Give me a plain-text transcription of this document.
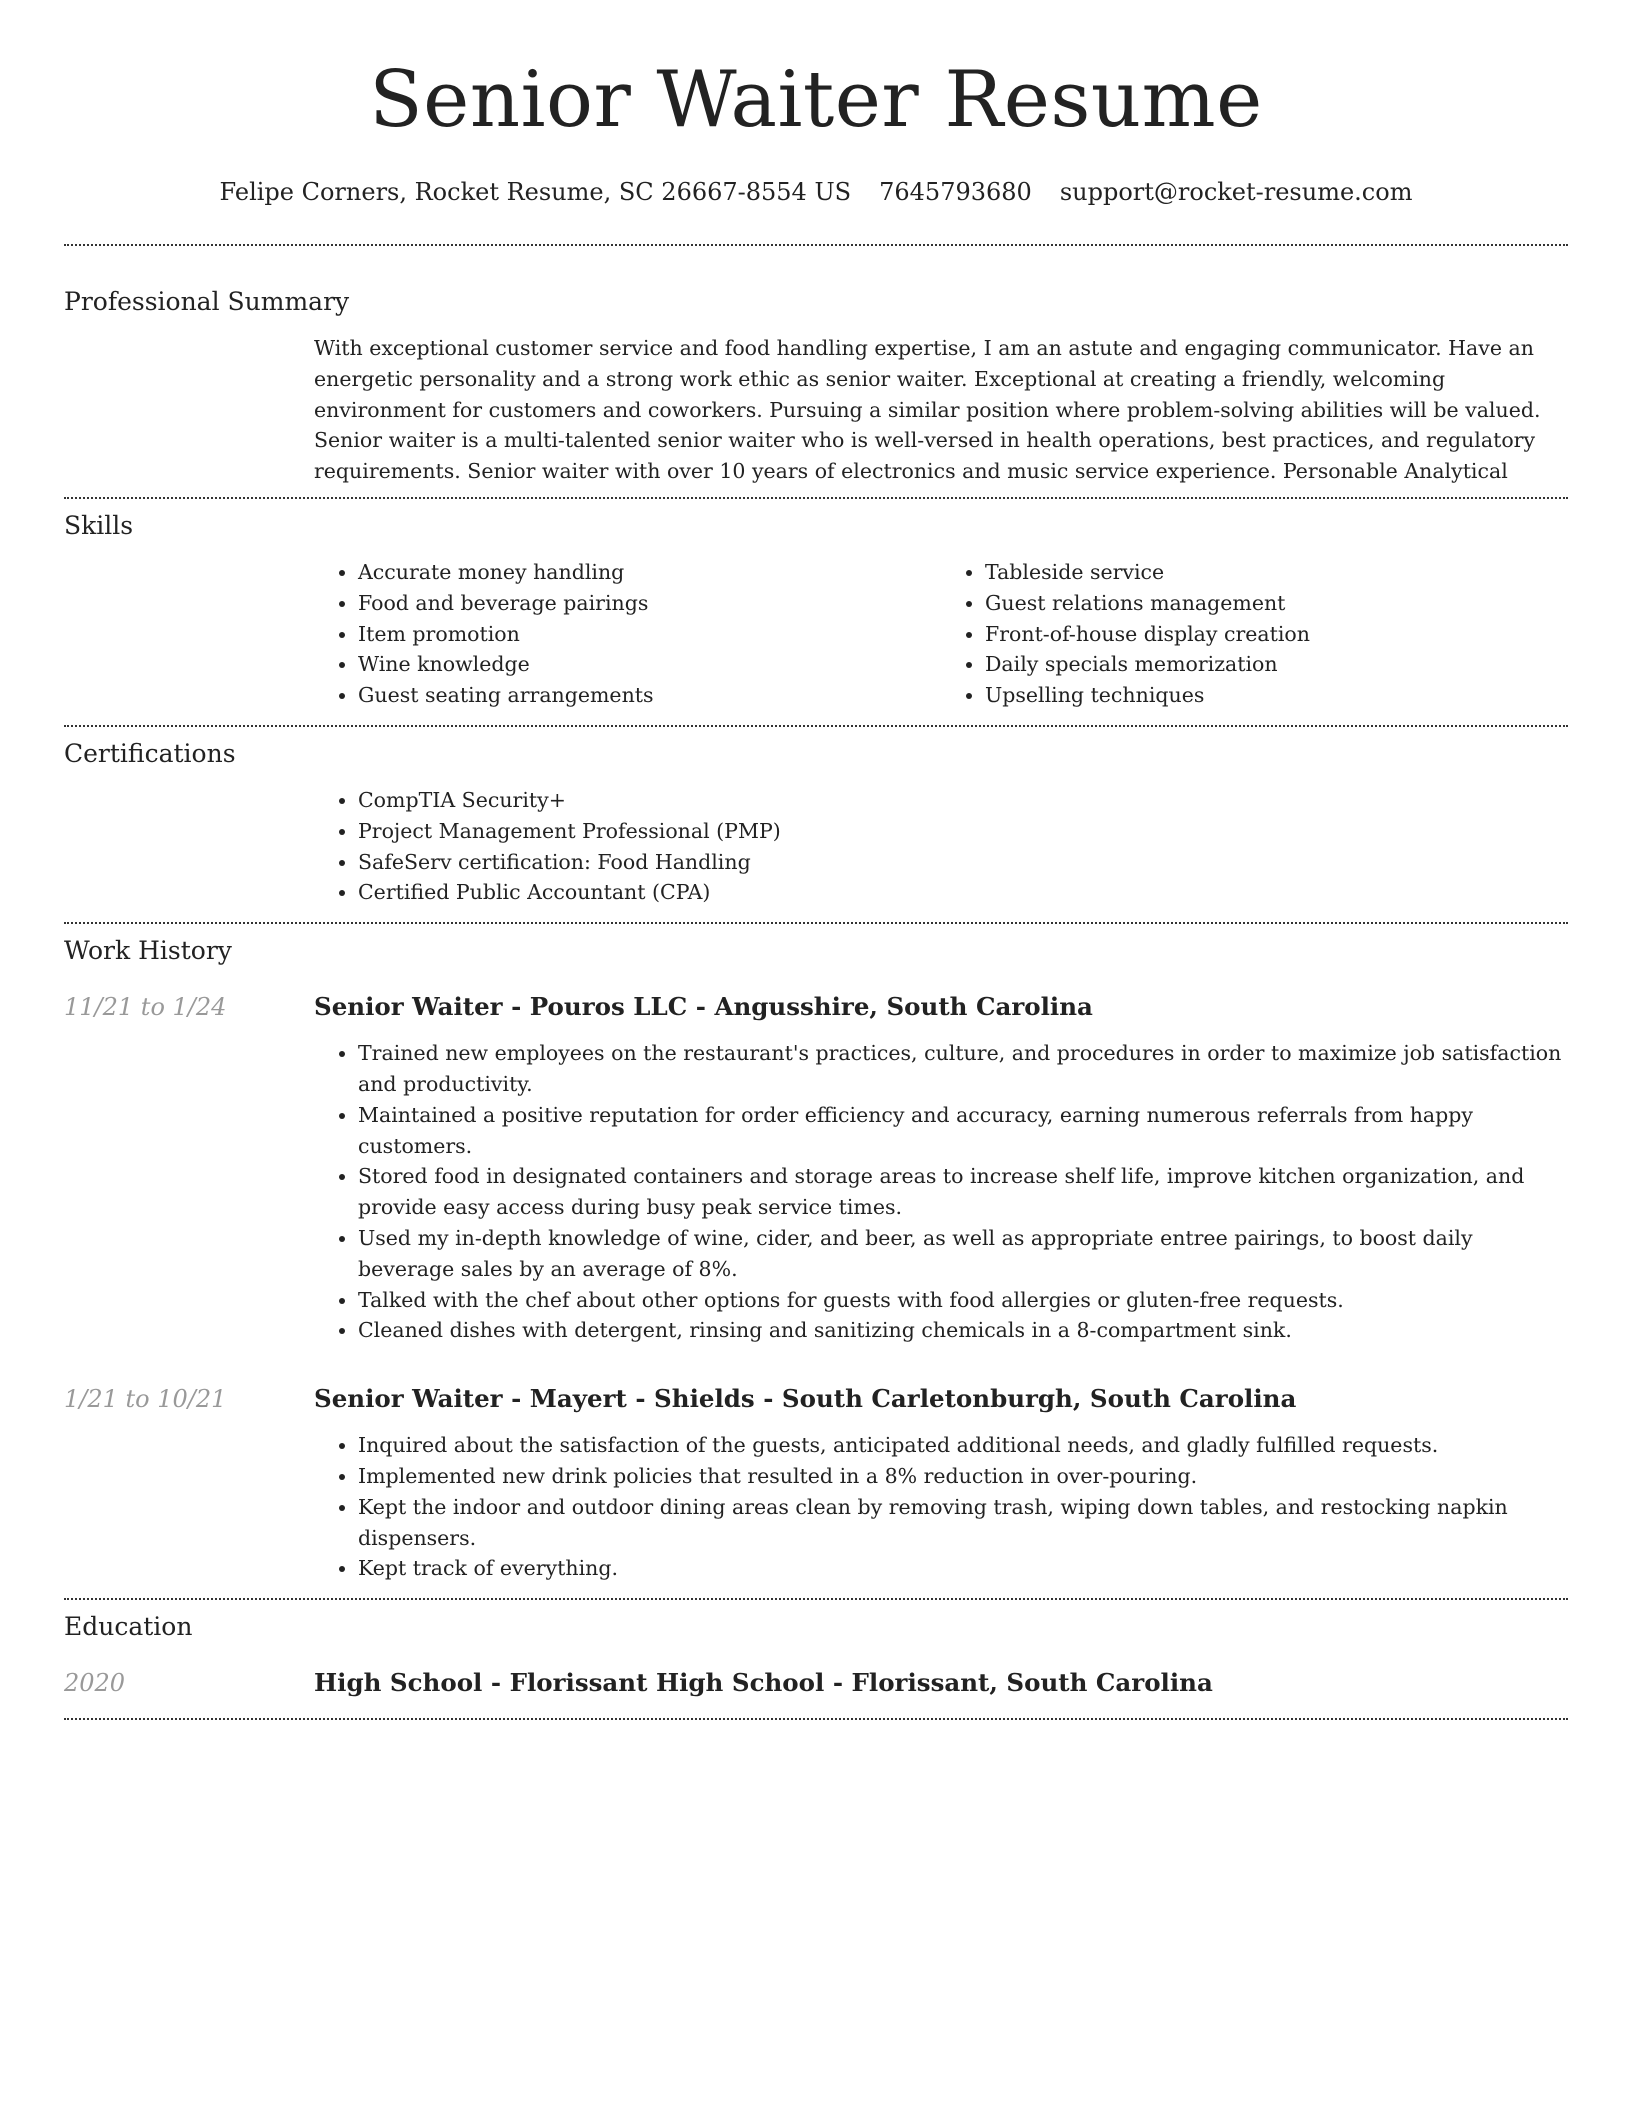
Senior Waiter Resume
Felipe Corners, Rocket Resume, SC 26667-8554 US 7645793680 support@rocket-resume.com
Professional Summary

With exceptional customer service and food handling expertise, I am an astute and engaging communicator. Have an energetic personality and a strong work ethic as senior waiter. Exceptional at creating a friendly, welcoming environment for customers and coworkers. Pursuing a similar position where problem-solving abilities will be valued. Senior waiter is a multi-talented senior waiter who is well-versed in health operations, best practices, and regulatory requirements. Senior waiter with over 10 years of electronics and music service experience. Personable Analytical

Skills
• Accurate money handling
• Food and beverage pairings
• Item promotion
• Wine knowledge
• Guest seating arrangements
• Tableside service
• Guest relations management
• Front-of-house display creation
• Daily specials memorization
• Upselling techniques
Certifications
• CompTIA Security+
• Project Management Professional (PMP)
• SafeServ certification: Food Handling
• Certified Public Accountant (CPA)
Work History
11/21 to 1/24	Senior Waiter - Pouros LLC - Angusshire, South Carolina
• Trained new employees on the restaurant's practices, culture, and procedures in order to maximize job satisfaction and productivity.
• Maintained a positive reputation for order efficiency and accuracy, earning numerous referrals from happy customers.
• Stored food in designated containers and storage areas to increase shelf life, improve kitchen organization, and provide easy access during busy peak service times.
• Used my in-depth knowledge of wine, cider, and beer, as well as appropriate entree pairings, to boost daily beverage sales by an average of 8%.
• Talked with the chef about other options for guests with food allergies or gluten-free requests.
• Cleaned dishes with detergent, rinsing and sanitizing chemicals in a 8-compartment sink.
1/21 to 10/21	Senior Waiter - Mayert - Shields - South Carletonburgh, South Carolina
• Inquired about the satisfaction of the guests, anticipated additional needs, and gladly fulfilled requests.
• Implemented new drink policies that resulted in a 8% reduction in over-pouring.
• Kept the indoor and outdoor dining areas clean by removing trash, wiping down tables, and restocking napkin dispensers.
• Kept track of everything.
Education
2020	High School - Florissant High School - Florissant, South Carolina
